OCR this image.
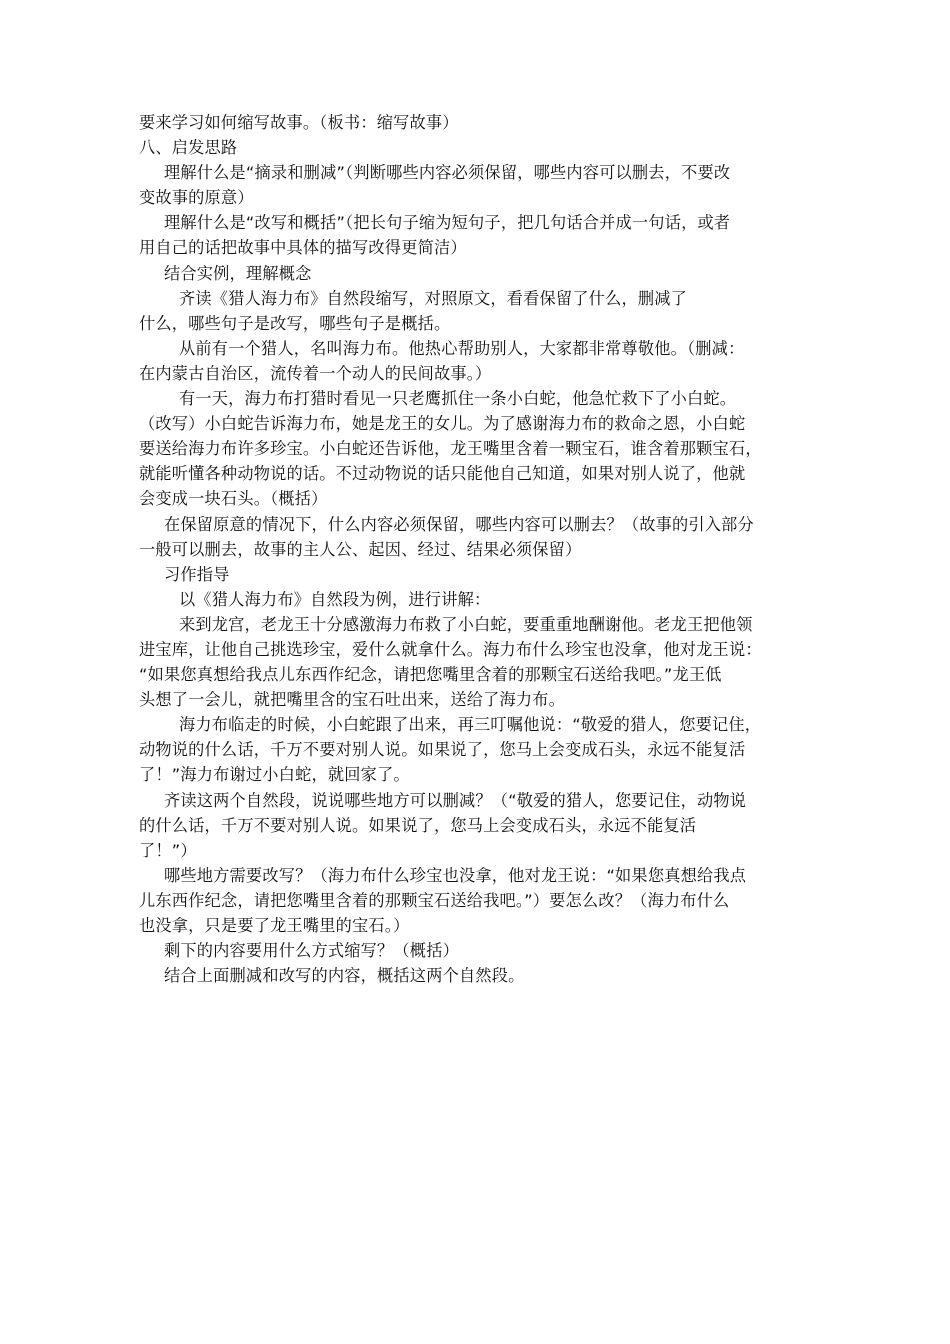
要来学习如何缩写故事。（板书：缩写故事）
八、启发思路
理解什么是“摘录和删减”（判断哪些内容必须保留，哪些内容可以删去，不要改
变故事的原意）
理解什么是“改写和概括”（把长句子缩为短句子，把几句话合并成一句话，或者
用自己的话把故事中具体的描写改得更简洁）
结合实例，理解概念
齐读《猎人海力布》自然段缩写，对照原文，看看保留了什么，删减了
什么，哪些句子是改写，哪些句子是概括。
从前有一个猎人，名叫海力布。他热心帮助别人，大家都非常尊敬他。（删减：
在内蒙古自治区，流传着一个动人的民间故事。）
有一天，海力布打猎时看见一只老鹰抓住一条小白蛇，他急忙救下了小白蛇。
（改写）小白蛇告诉海力布，她是龙王的女儿。为了感谢海力布的救命之恩，小白蛇
要送给海力布许多珍宝。小白蛇还告诉他，龙王嘴里含着一颗宝石，谁含着那颗宝石，
就能听懂各种动物说的话。不过动物说的话只能他自己知道，如果对别人说了，他就
会变成一块石头。（概括）
在保留原意的情况下，什么内容必须保留，哪些内容可以删去？（故事的引入部分
一般可以删去，故事的主人公、起因、经过、结果必须保留）
习作指导
以《猎人海力布》自然段为例，进行讲解：
来到龙宫，老龙王十分感激海力布救了小白蛇，要重重地酬谢他。老龙王把他领
进宝库，让他自己挑选珍宝，爱什么就拿什么。海力布什么珍宝也没拿，他对龙王说：
“如果您真想给我点儿东西作纪念，请把您嘴里含着的那颗宝石送给我吧。”龙王低
头想了一会儿，就把嘴里含的宝石吐出来，送给了海力布。
海力布临走的时候，小白蛇跟了出来，再三叮嘱他说：“敬爱的猎人，您要记住，
动物说的什么话，千万不要对别人说。如果说了，您马上会变成石头，永远不能复活
了！”海力布谢过小白蛇，就回家了。
齐读这两个自然段，说说哪些地方可以删减？（“敬爱的猎人，您要记住，动物说
的什么话，千万不要对别人说。如果说了，您马上会变成石头，永远不能复活
了！”）
哪些地方需要改写？（海力布什么珍宝也没拿，他对龙王说：“如果您真想给我点
儿东西作纪念，请把您嘴里含着的那颗宝石送给我吧。”）要怎么改？（海力布什么
也没拿，只是要了龙王嘴里的宝石。）
剩下的内容要用什么方式缩写？（概括）
结合上面删减和改写的内容，概括这两个自然段。
